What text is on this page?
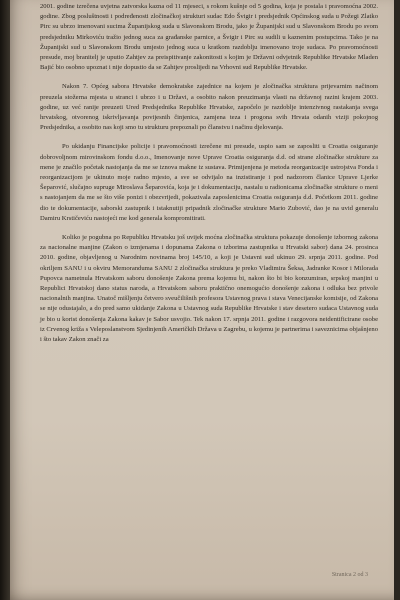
2001. godine izrečena uvjetna zatvorska kazna od 11 mjeseci, s rokom kušnje od 5 godina, koja je postala i pravomoćna 2002. godine. Zbog posluštnosti i podređenosti zločinačkoj strukturi sudac Edo Švigir i predsjednik Općinskog suda u Požegi Zlatko Pirc su ubrzo imenovani sucima Županijskog suda u Slavonskom Brodu, jako je Županijski sud u Slavonskom Brodu po svom predsjedniku Mirkoviću tražio jednog suca za građanske parnice, a Švigir i Pirc su sudili u kaznenim postupcima. Tako je na Županijski sud u Slavonskom Brodu umjesto jednog suca u kratkom razdoblju imenovano troje sudaca. Po pravomoćnosti presude, moj branitelj je uputio Zahtjev za preispitivanje zakonitosti s kojim je Državni odvjetnik Republike Hrvatske Mladen Bajić bio osobno upoznat i nije dopustio da se Zahtjev proslijedi na Vrhovni sud Republike Hrvatske.

Nakon 7. Općeg sabora Hrvatske demokratske zajednice na kojem je zločinačka struktura prijevarnim načinom preuzela stožerna mjesta u stranci i ubrzo i u Državi, a osobito nakon preuzimanja vlasti na državnoj razini krajem 2003. godine, uz već ranije preuzeti Ured Predsjednika Republike Hrvatske, započelo je razdoblje intenzivnog rastakanja svega hrvatskog, otvorenog iskrivljavanja povijesnih činjenica, zamjena teza i progona svih Hrvata odanih viziji pokojnog Predsjednika, a osobito nas koji smo tu strukturu prepoznali po članstvu i načinu djelovanja.

Po ukidanju Financijske policije i pravomoćnosti izrečene mi presude, uspio sam se zaposliti u Croatia osiguranje dobrovoljnom mirovinskom fondu d.o.o., Imenovanje nove Uprave Croatia osiguranja d.d. od strane zločinačke strukture za mene je značilo početak nastojanja da me se iznova makne iz sustava. Primijenjena je metoda reorganizacije ustrojstva Fonda i reorganizacijom je ukinuto moje radno mjesto, a sve se odvijalo na inzistiranje i pod nadzorom članice Uprave Ljerke Šeparović, slučajno supruge Miroslava Šeparovića, koja je i dokumentaciju, nastalu u radionicama zločinačke strukture o meni s nastojanjem da me se što više ponizi i obezvrijedi, pokazivala zaposlenicima Croatia osiguranja d.d. Početkom 2011. godine dio te dokumentacije, saborski zastupnik i istaknutiji pripadnik zločinačke strukture Mario Zubović, dao je na uvid generalu Damiru Krstičeviću nastojeći me kod generala kompromitirati.

Koliko je pogubna po Republiku Hrvatsku još uvijek moćna zločinačka struktura pokazuje donošenje izbornog zakona za nacionalne manjine (Zakon o izmjenama i dopunama Zakona o izborima zastupnika u Hrvatski sabor) dana 24. prosinca 2010. godine, objavljenog u Narodnim novinama broj 145/10, a koji je Ustavni sud ukinuo 29. srpnja 2011. godine. Pod okriljem SANU i u okviru Memoranduma SANU 2 zločinačka struktura je preko Vladimira Šeksa, Jadranke Kosor i Milorada Pupovca nametnula Hrvatskom saboru donošenje Zakona prema kojemu bi, nakon što bi bio konzumiran, srpskoj manjini u Republici Hrvatskoj dano status naroda, a Hrvatskom saboru praktično onemogućio donošenje zakona i odluka bez privole nacionalnih manjina. Unatoč mišljenju četvero sveučilišnih profesora Ustavnog prava i stava Venecijanske komisije, od Zakona se nije odustajalo, a do pred samo ukidanje Zakona u Ustavnog suda Republike Hrvatske i stav desetero sudaca Ustavnog suda je bio u korist donošenja Zakona kakav je Sabor usvojio. Tek nakon 17. srpnja 2011. godine i razgovora neidentificirane osobe iz Crvenog križa s Veleposlanstvom Sjedinjenih Američkih Država u Zagrebu, u kojemu je partnerima i saveznicima objašnjeno i što takav Zakon znači za

Stranica 2 od 3
